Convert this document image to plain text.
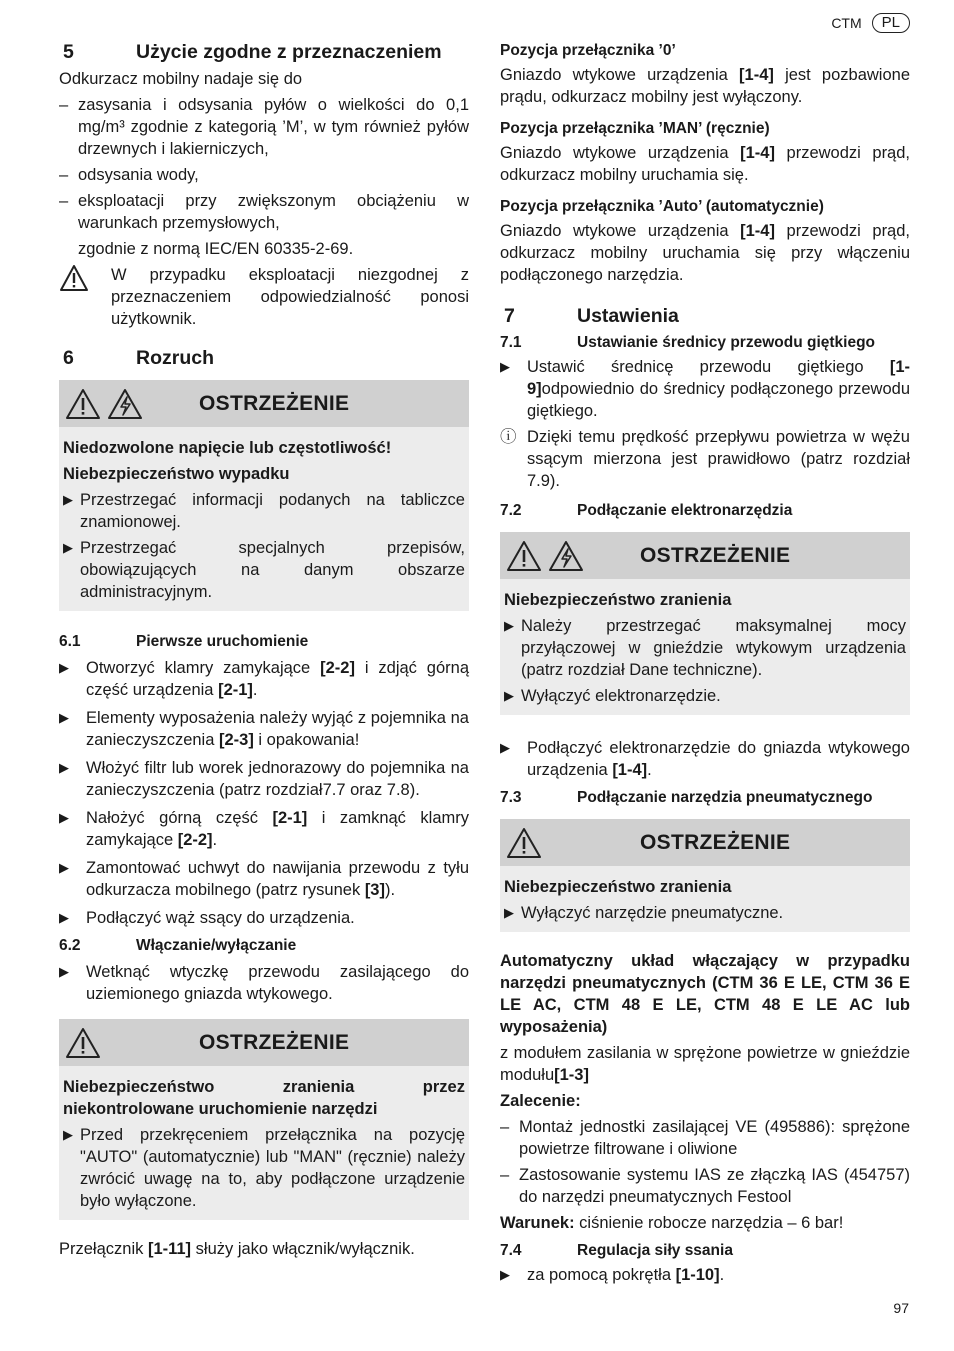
CTM	PL
5	Użycie zgodne z przeznaczeniem

Odkurzacz mobilny nadaje się do

– zasysania i odsysania pyłów o wielkości do 0,1 mg/m³ zgodnie z kategorią ’M’, w tym również pyłów drzewnych i lakierniczych,
– odsysania wody,
– eksploatacji przy zwiększonym obciążeniu w warunkach przemysłowych,

zgodnie z normą IEC/EN 60335-2-69.

W przypadku eksploatacji niezgodnej z przeznaczeniem odpowiedzialność ponosi użytkownik.
6	Rozruch
OSTRZEŻENIE

Niedozwolone napięcie lub częstotliwość!

Niebezpieczeństwo wypadku

▶ Przestrzegać informacji podanych na tabliczce znamionowej.
▶ Przestrzegać specjalnych przepisów, obowiązujących na danym obszarze administracyjnym.
6.1	Pierwsze uruchomienie
▶	Otworzyć klamry zamykające [2-2] i zdjąć górną część urządzenia [2-1].
▶	Elementy wyposażenia należy wyjąć z pojemnika na zanieczyszczenia [2-3] i opakowania!
▶	Włożyć filtr lub worek jednorazowy do pojemnika na zanieczyszczenia (patrz rozdział7.7 oraz 7.8).
▶	Nałożyć górną część [2-1] i zamknąć klamry zamykające [2-2].
▶	Zamontować uchwyt do nawijania przewodu z tyłu odkurzacza mobilnego (patrz rysunek [3]).
▶	Podłączyć wąż ssący do urządzenia.
6.2	Włączanie/wyłączanie
▶	Wetknąć wtyczkę przewodu zasilającego do uziemionego gniazda wtykowego.
OSTRZEŻENIE

Niebezpieczeństwo zranienia przez niekontrolowane uruchomienie narzędzi

▶ Przed przekręceniem przełącznika na pozycję "AUTO" (automatycznie) lub "MAN" (ręcznie) należy zwrócić uwagę na to, aby podłączone urządzenie było wyłączone.

Przełącznik [1-11] służy jako włącznik/wyłącznik.

Pozycja przełącznika ’0’

Gniazdo wtykowe urządzenia [1-4] jest pozbawione prądu, odkurzacz mobilny jest wyłączony.

Pozycja przełącznika ’MAN’ (ręcznie)

Gniazdo wtykowe urządzenia [1-4] przewodzi prąd, odkurzacz mobilny uruchamia się.

Pozycja przełącznika ’Auto’ (automatycznie)

Gniazdo wtykowe urządzenia [1-4] przewodzi prąd, odkurzacz mobilny uruchamia się przy włączeniu podłączonego narzędzia.

7	Ustawienia
7.1	Ustawianie średnicy przewodu giętkiego
▶	Ustawić średnicę przewodu giętkiego [1-9]odpowiednio do średnicy podłączonego przewodu giętkiego.
ⓘ Dzięki temu prędkość przepływu powietrza w wężu ssącym mierzona jest prawidłowo (patrz rozdział 7.9).
7.2	Podłączanie elektronarzędzia
OSTRZEŻENIE

Niebezpieczeństwo zranienia

▶ Należy przestrzegać maksymalnej mocy przyłączowej w gnieździe wtykowym urządzenia (patrz rozdział Dane techniczne).
▶ Wyłączyć elektronarzędzie.
▶	Podłączyć elektronarzędzie do gniazda wtykowego urządzenia [1-4].
7.3	Podłączanie narzędzia pneumatycznego
OSTRZEŻENIE

Niebezpieczeństwo zranienia

▶ Wyłączyć narzędzie pneumatyczne.

Automatyczny układ włączający w przypadku narzędzi pneumatycznych (CTM 36 E LE, CTM 36 E LE AC, CTM 48 E LE, CTM 48 E LE AC lub wyposażenia)

z modułem zasilania w sprężone powietrze w gnieździe modułu[1-3]

Zalecenie:

– Montaż jednostki zasilającej VE (495886): sprężone powietrze filtrowane i oliwione
– Zastosowanie systemu IAS ze złączką IAS (454757) do narzędzi pneumatycznych Festool

Warunek: ciśnienie robocze narzędzia – 6 bar!

7.4	Regulacja siły ssania
▶	za pomocą pokrętła [1-10].
97
